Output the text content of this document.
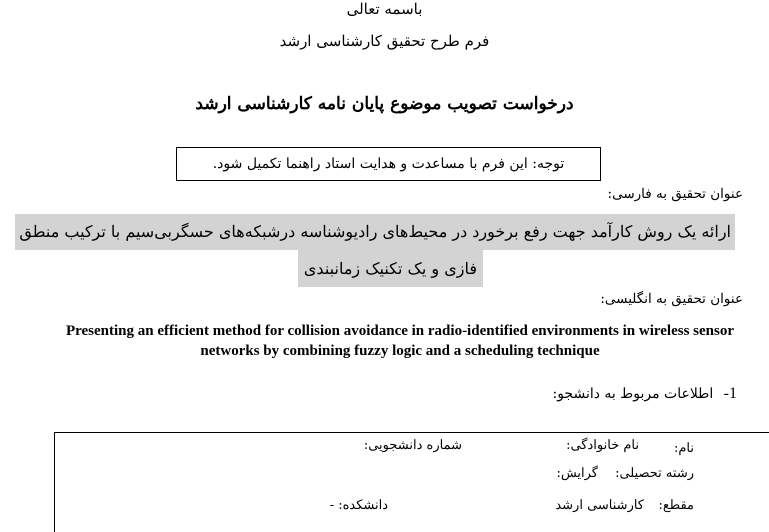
باسمه تعالی
فرم طرح تحقیق کارشناسی ارشد
درخواست تصویب موضوع پایان نامه کارشناسی ارشد
توجه: این فرم با مساعدت و هدایت استاد راهنما تکمیل شود.
عنوان تحقیق به فارسی:
ارائه یک روش کارآمد جهت رفع برخورد در محیط‌های رادیوشناسه درشبکه‌های حسگربی‌سیم با ترکیب منطق
فازی و یک تکنیک زمانبندی
عنوان تحقیق به انگلیسی:
Presenting an efficient method for collision avoidance in radio-identified environments in wireless sensor networks by combining fuzzy logic and a scheduling technique
1- اطلاعات مربوط به دانشجو:
نام:
نام خانوادگی:
شماره دانشجویی:
رشته تحصیلی:
گرایش:
مقطع:
کارشناسی ارشد
دانشکده:
-
